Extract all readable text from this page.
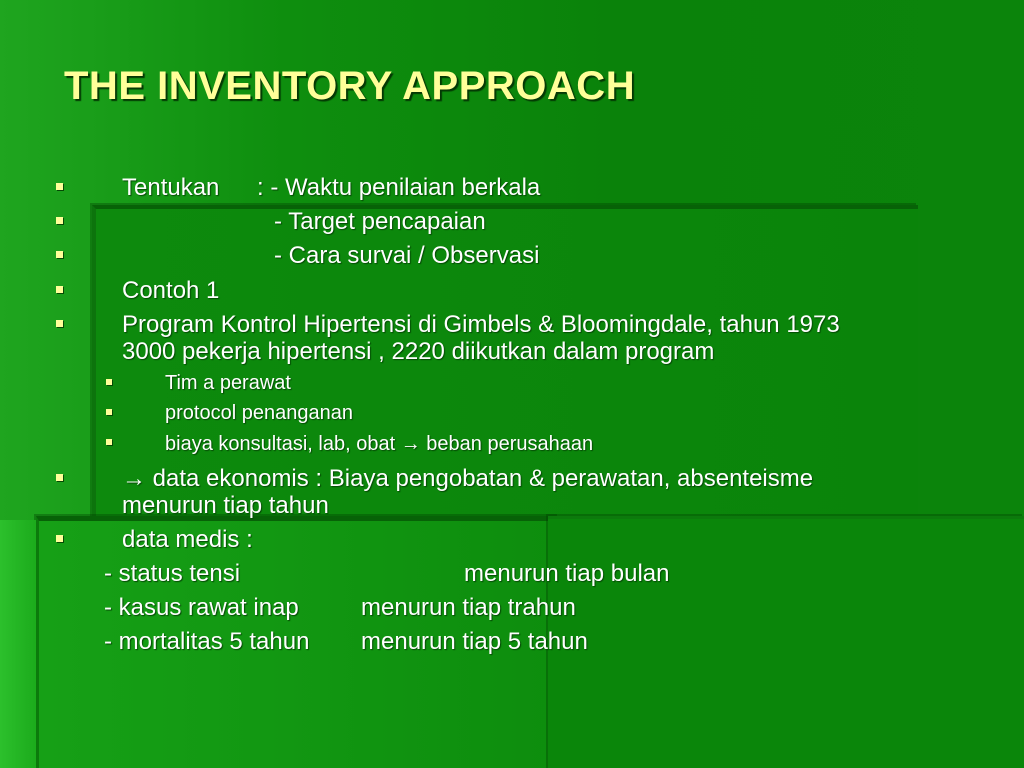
THE INVENTORY APPROACH
Tentukan : - Waktu penilaian berkala
- Target pencapaian
- Cara survai / Observasi
Contoh 1
Program Kontrol Hipertensi di Gimbels & Bloomingdale, tahun 1973
3000 pekerja hipertensi , 2220 diikutkan dalam program
Tim a perawat
protocol penanganan
biaya konsultasi, lab, obat → beban perusahaan
→ data ekonomis : Biaya pengobatan & perawatan, absenteisme
menurun tiap tahun
data medis :
- status tensi	menurun tiap bulan
- kasus rawat inap	menurun tiap trahun
- mortalitas 5 tahun menurun tiap 5 tahun
